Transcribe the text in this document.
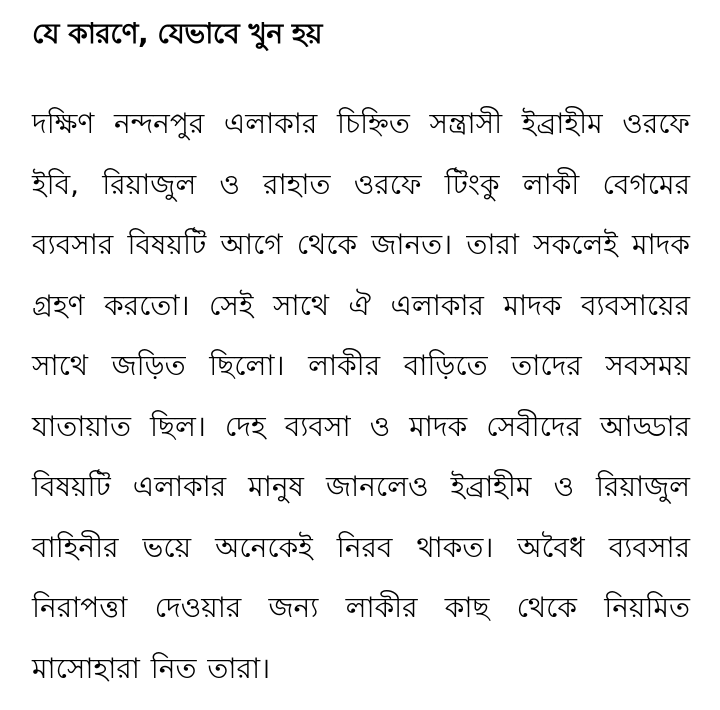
যে কারণে, যেভাবে খুন হয়

দক্ষিণ নন্দনপুর এলাকার চিহ্নিত সন্ত্রাসী ইব্রাহীম ওরফে ইবি, রিয়াজুল ও রাহাত ওরফে টিংকু লাকী বেগমের ব্যবসার বিষয়টি আগে থেকে জানত। তারা সকলেই মাদক গ্রহণ করতো। সেই সাথে ঐ এলাকার মাদক ব্যবসায়ের সাথে জড়িত ছিলো। লাকীর বাড়িতে তাদের সবসময় যাতায়াত ছিল। দেহ ব্যবসা ও মাদক সেবীদের আড্ডার বিষয়টি এলাকার মানুষ জানলেও ইব্রাহীম ও রিয়াজুল বাহিনীর ভয়ে অনেকেই নিরব থাকত। অবৈধ ব্যবসার নিরাপত্তা দেওয়ার জন্য লাকীর কাছ থেকে নিয়মিত মাসোহারা নিত তারা।
